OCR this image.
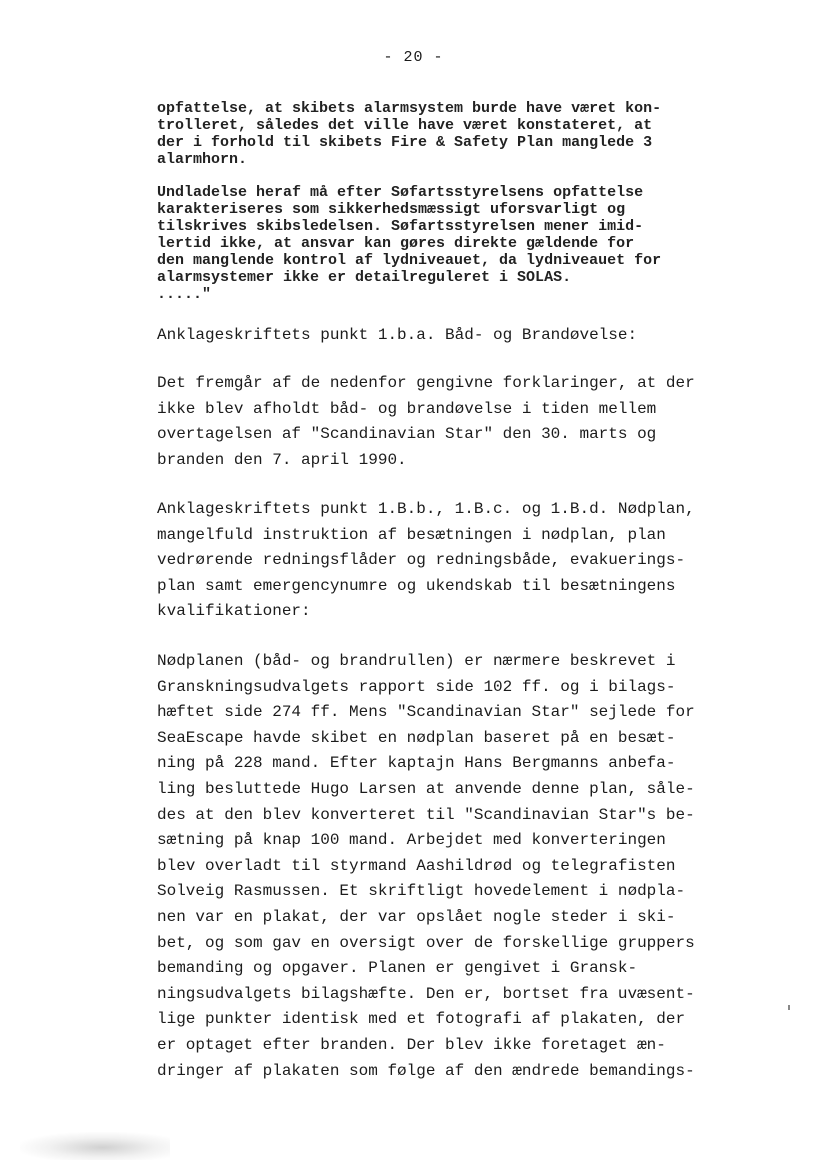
- 20 -
opfattelse, at skibets alarmsystem burde have været kon-
trolleret, således det ville have været konstateret, at
der i forhold til skibets Fire & Safety Plan manglede 3
alarmhorn.
Undladelse heraf må efter Søfartsstyrelsens opfattelse
karakteriseres som sikkerhedsmæssigt uforsvarligt og
tilskrives skibsledelsen. Søfartsstyrelsen mener imid-
lertid ikke, at ansvar kan gøres direkte gældende for
den manglende kontrol af lydniveauet, da lydniveauet for
alarmsystemer ikke er detailreguleret i SOLAS.
....."
Anklageskriftets punkt 1.b.a. Båd- og Brandøvelse:
Det fremgår af de nedenfor gengivne forklaringer, at der
ikke blev afholdt båd- og brandøvelse i tiden mellem
overtagelsen af "Scandinavian Star" den 30. marts og
branden den 7. april 1990.
Anklageskriftets punkt 1.B.b., 1.B.c. og 1.B.d. Nødplan,
mangelfuld instruktion af besætningen i nødplan, plan
vedrørende redningsflåder og redningsbåde, evakuerings-
plan samt emergencynumre og ukendskab til besætningens
kvalifikationer:
Nødplanen (båd- og brandrullen) er nærmere beskrevet i
Granskningsudvalgets rapport side 102 ff. og i bilags-
hæftet side 274 ff. Mens "Scandinavian Star" sejlede for
SeaEscape havde skibet en nødplan baseret på en besæt-
ning på 228 mand. Efter kaptajn Hans Bergmanns anbefa-
ling besluttede Hugo Larsen at anvende denne plan, såle-
des at den blev konverteret til "Scandinavian Star"s be-
sætning på knap 100 mand. Arbejdet med konverteringen
blev overladt til styrmand Aashildrød og telegrafisten
Solveig Rasmussen. Et skriftligt hovedelement i nødpla-
nen var en plakat, der var opslået nogle steder i ski-
bet, og som gav en oversigt over de forskellige gruppers
bemanding og opgaver. Planen er gengivet i Gransk-
ningsudvalgets bilagshæfte. Den er, bortset fra uvæsent-
lige punkter identisk med et fotografi af plakaten, der
er optaget efter branden. Der blev ikke foretaget æn-
dringer af plakaten som følge af den ændrede bemandings-
